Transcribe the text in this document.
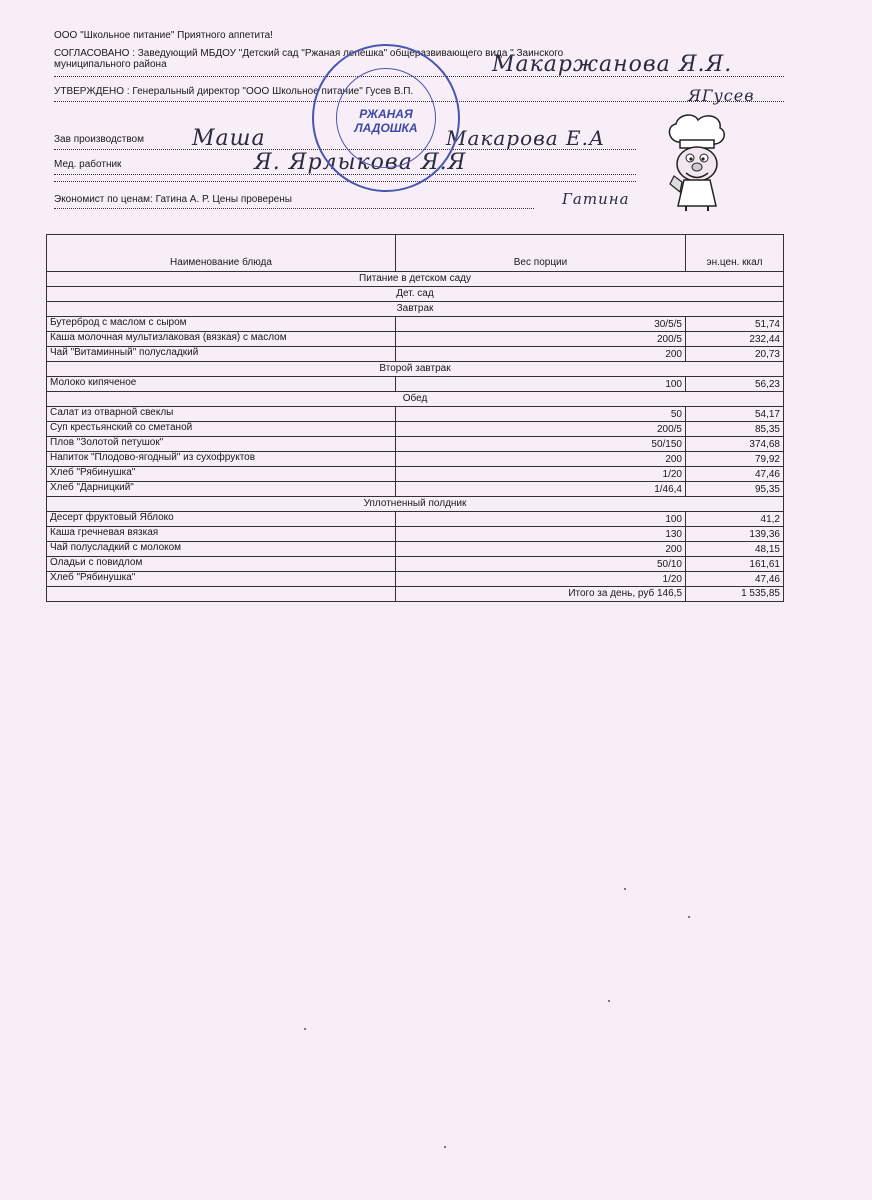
ООО "Школьное питание" Приятного аппетита!
СОГЛАСОВАНО : Заведующий МБДОУ "Детский сад "Ржаная лепешка" общеразвивающего вида " Заинского
муниципального района
УТВЕРЖДЕНО : Генеральный директор "ООО Школьное питание" Гусев В.П.
Зав производством
Мед. работник
Экономист по ценам: Гатина А. Р. Цены проверены
Макаржанова Я.Я.
ЯГусев
Маша	Макарова Е.А
Я. Ярлыкова Я.Я
Гатина
РЖАНАЯ
ЛАДОШКА
Наименование блюда	Вес порции	эн.цен. ккал
Питание в детском саду		
Дет. сад		
Завтрак		
Бутерброд с маслом с сыром	30/5/5	51,74
Каша молочная мультизлаковая (вязкая) с маслом	200/5	232,44
Чай "Витаминный" полусладкий	200	20,73
Второй завтрак		
Молоко кипяченое	100	56,23
Обед		
Салат из отварной свеклы	50	54,17
Суп крестьянский со сметаной	200/5	85,35
Плов "Золотой петушок"	50/150	374,68
Напиток "Плодово-ягодный" из сухофруктов	200	79,92
Хлеб "Рябинушка"	1/20	47,46
Хлеб "Дарницкий"	1/46,4	95,35
Уплотненный полдник		
Десерт фруктовый Яблоко	100	41,2
Каша гречневая вязкая	130	139,36
Чай полусладкий с молоком	200	48,15
Оладьи с повидлом	50/10	161,61
Хлеб "Рябинушка"	1/20	47,46
	Итого за день, руб 146,5	1 535,85
